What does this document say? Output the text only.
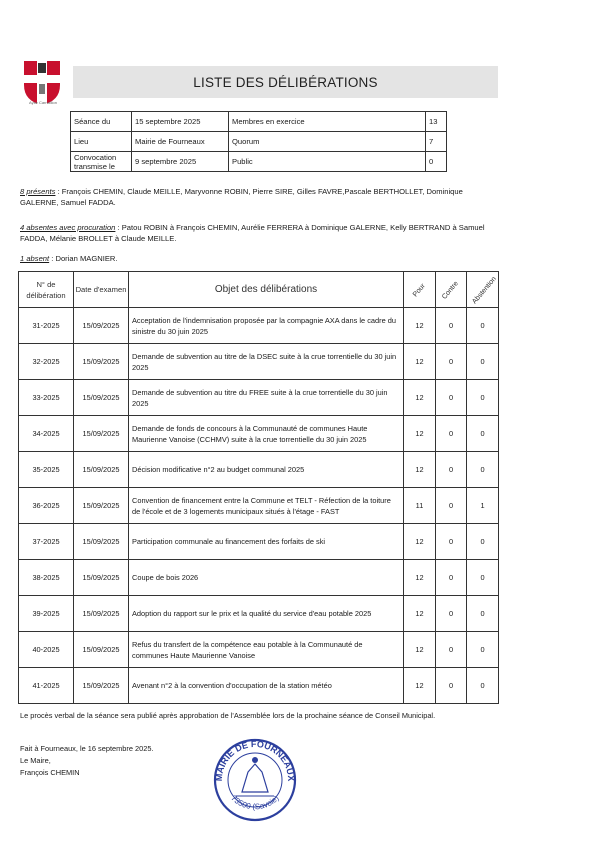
Ayse Carnallion
LISTE DES DÉLIBÉRATIONS
Séance du	15 septembre 2025	Membres en exercice	13
Lieu	Mairie de Fourneaux	Quorum	7
Convocation transmise le	9 septembre 2025	Public	0
8 présents : François CHEMIN, Claude MEILLE, Maryvonne ROBIN, Pierre SIRE, Gilles FAVRE,Pascale BERTHOLLET, Dominique GALERNE, Samuel FADDA.
4 absentes avec procuration : Patou ROBIN à François CHEMIN, Aurélie FERRERA à Dominique GALERNE, Kelly BERTRAND à Samuel FADDA, Mélanie BROLLET à Claude MEILLE.
1 absent : Dorian MAGNIER.
N° de délibération	Date d'examen	Objet des délibérations	Pour	Contre	Abstention
31-2025	15/09/2025	Acceptation de l'indemnisation proposée par la compagnie AXA dans le cadre du sinistre du 30 juin 2025	12	0	0
32-2025	15/09/2025	Demande de subvention au titre de la DSEC suite à la crue torrentielle du 30 juin 2025	12	0	0
33-2025	15/09/2025	Demande de subvention au titre du FREE suite à la crue torrentielle du 30 juin 2025	12	0	0
34-2025	15/09/2025	Demande de fonds de concours à la Communauté de communes Haute Maurienne Vanoise (CCHMV) suite à la crue torrentielle du 30 juin 2025	12	0	0
35-2025	15/09/2025	Décision modificative n°2 au budget communal 2025	12	0	0
36-2025	15/09/2025	Convention de financement entre la Commune et TELT - Réfection de la toiture de l'école et de 3 logements municipaux situés à l'étage - FAST	11	0	1
37-2025	15/09/2025	Participation communale au financement des forfaits de ski	12	0	0
38-2025	15/09/2025	Coupe de bois 2026	12	0	0
39-2025	15/09/2025	Adoption du rapport sur le prix et la qualité du service d'eau potable 2025	12	0	0
40-2025	15/09/2025	Refus du transfert de la compétence eau potable à la Communauté de communes Haute Maurienne Vanoise	12	0	0
41-2025	15/09/2025	Avenant n°2 à la convention d'occupation de la station météo	12	0	0
Le procès verbal de la séance sera publié après approbation de l'Assemblée lors de la prochaine séance de Conseil Municipal.
Fait à Fourneaux, le 16 septembre 2025.
Le Maire,
François CHEMIN
MAIRIE DE FOURNEAUX
73500 (Savoie)
